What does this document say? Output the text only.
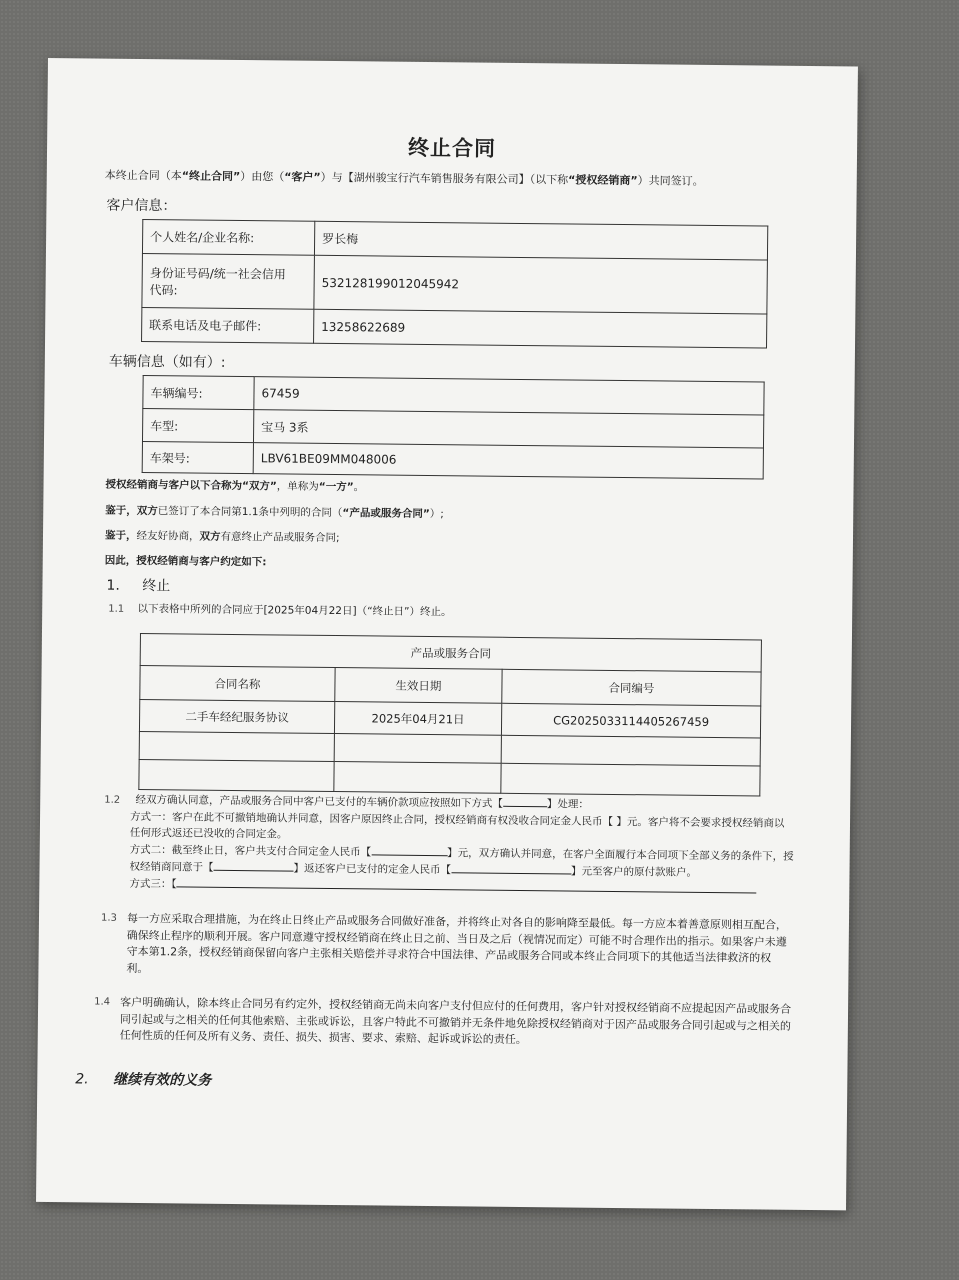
终止合同
本终止合同（本“终止合同”）由您（“客户”）与【湖州骏宝行汽车销售服务有限公司】（以下称“授权经销商”）共同签订。
客户信息：
个人姓名/企业名称:	罗长梅

身份证号码/统一社会信用
代码:	532128199012045942
联系电话及电子邮件:	13258622689
车辆信息（如有）:
车辆编号:	67459
车型:	宝马 3系
车架号:	LBV61BE09MM048006
授权经销商与客户以下合称为“双方”，单称为“一方”。
鉴于，双方已签订了本合同第1.1条中列明的合同（“产品或服务合同”）;
鉴于，经友好协商，双方有意终止产品或服务合同;
因此，授权经销商与客户约定如下:
1. 终止
1.1 以下表格中所列的合同应于[2025年04月22日]（“终止日”）终止。
产品或服务合同		
合同名称	生效日期	合同编号
二手车经纪服务协议	2025年04月21日	CG2025033114405267459

1.2 经双方确认同意，产品或服务合同中客户已支付的车辆价款项应按照如下方式【	】处理：
方式一：客户在此不可撤销地确认并同意，因客户原因终止合同，授权经销商有权没收合同定金人民币【 】元。客户将不会要求授权经销商以任何形式返还已没收的合同定金。
方式二：截至终止日，客户共支付合同定金人民币【	】元，双方确认并同意，在客户全面履行本合同项下全部义务的条件下，授权经销商同意于【	】返还客户已支付的定金人民币【	】元至客户的原付款账户。
方式三：【
1.3 每一方应采取合理措施，为在终止日终止产品或服务合同做好准备，并将终止对各自的影响降至最低。每一方应本着善意原则相互配合，确保终止程序的顺利开展。客户同意遵守授权经销商在终止日之前、当日及之后（视情况而定）可能不时合理作出的指示。如果客户未遵守本第1.2条，授权经销商保留向客户主张相关赔偿并寻求符合中国法律、产品或服务合同或本终止合同项下的其他适当法律救济的权利。
1.4 客户明确确认，除本终止合同另有约定外，授权经销商无尚未向客户支付但应付的任何费用，客户针对授权经销商不应提起因产品或服务合同引起或与之相关的任何其他索赔、主张或诉讼，且客户特此不可撤销并无条件地免除授权经销商对于因产品或服务合同引起或与之相关的任何性质的任何及所有义务、责任、损失、损害、要求、索赔、起诉或诉讼的责任。
2. 继续有效的义务
